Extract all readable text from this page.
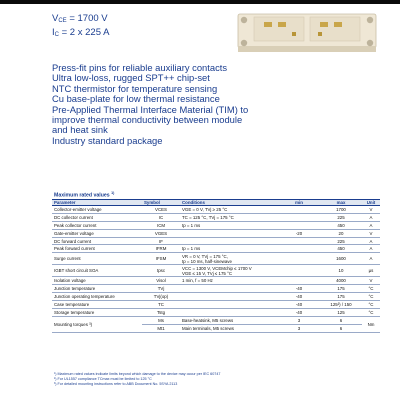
$V_{CE} = 1700$ V
$I_C = 2$ x 225 A
Press-fit pins for reliable auxiliary contacts
Ultra low-loss, rugged SPT++ chip-set
NTC thermistor for temperature sensing
Cu base-plate for low thermal resistance
Pre-Applied Thermal Interface Material (TIM) to
improve thermal conductivity between module
and heat sink
Industry standard package
Maximum rated values $^{1)}$
Parameter	Symbol	Conditions	min	max	Unit
Collector-emitter voltage	VCES	VGE = 0 V, TVj ≥ 25 °C		1700	V
DC collector current	IC	TC = 125 °C, TVj = 175 °C		225	A
Peak collector current	ICM	tp = 1 ms		450	A
Gate-emitter voltage	VGES		-20	20	V
DC forward current	IF			225	A
Peak forward current	IFRM	tp = 1 ms		450	A
Surge current	IFSM	VR = 0 V, TVj = 175 °C,
tp = 10 ms, half-sinewave		1600	A
IGBT short circuit SOA	tpsc	VCC = 1300 V, VCEMchip ≤ 1700 V
VGE ≤ 15 V, TVj ≤ 175 °C		10	µs
Isolation voltage	Visol	1 min, f = 50 Hz		4000	V
Junction temperature	TVj		-40	175	°C
Junction operating temperature	TVj(op)		-40	175	°C
Case temperature	TC		-40	125²) / 150	°C
Storage temperature	Tstg		-40	125	°C
Mounting torques ³)	Ms	Base-heatsink, M5 screws	3	6	Nm
	Mt1	Main terminals, M5 screws	3	6	
¹) Maximum rated values indicate limits beyond which damage to the device may occur per IEC 60747
²) For UL1557 compliance TCmax must be limited to 125 °C
³) For detailed mounting instructions refer to ABB Document No. 5SYA 2113
